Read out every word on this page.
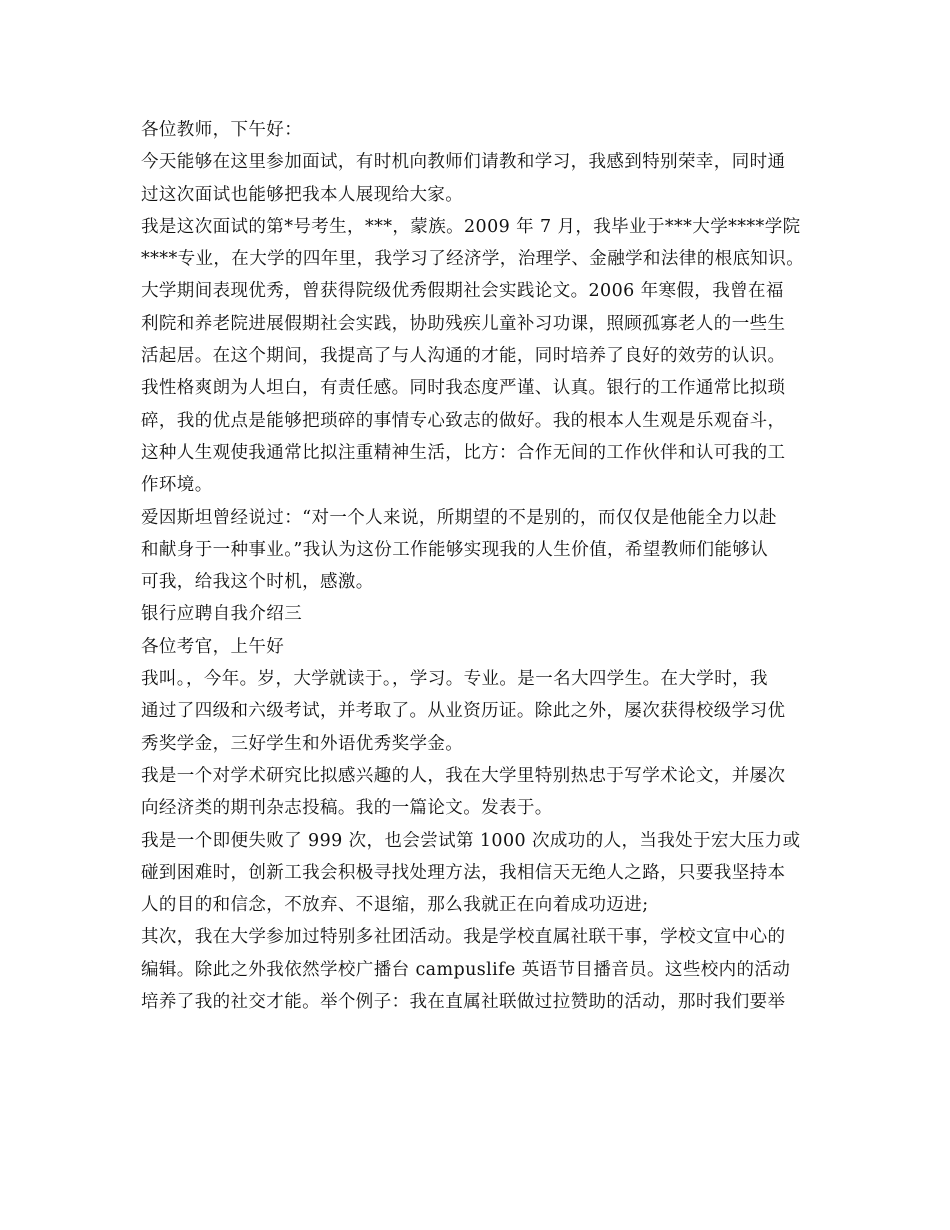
各位教师，下午好：
今天能够在这里参加面试，有时机向教师们请教和学习，我感到特别荣幸，同时通
过这次面试也能够把我本人展现给大家。
我是这次面试的第*号考生，***，蒙族。2009 年 7 月，我毕业于***大学****学院
****专业，在大学的四年里，我学习了经济学，治理学、金融学和法律的根底知识。
大学期间表现优秀，曾获得院级优秀假期社会实践论文。2006 年寒假，我曾在福
利院和养老院进展假期社会实践，协助残疾儿童补习功课，照顾孤寡老人的一些生
活起居。在这个期间，我提高了与人沟通的才能，同时培养了良好的效劳的认识。
我性格爽朗为人坦白，有责任感。同时我态度严谨、认真。银行的工作通常比拟琐
碎，我的优点是能够把琐碎的事情专心致志的做好。我的根本人生观是乐观奋斗，
这种人生观使我通常比拟注重精神生活，比方：合作无间的工作伙伴和认可我的工
作环境。
爱因斯坦曾经说过：“对一个人来说，所期望的不是别的，而仅仅是他能全力以赴
和献身于一种事业。”我认为这份工作能够实现我的人生价值，希望教师们能够认
可我，给我这个时机，感激。
银行应聘自我介绍三
各位考官，上午好
我叫。，今年。岁，大学就读于。，学习。专业。是一名大四学生。在大学时，我
通过了四级和六级考试，并考取了。从业资历证。除此之外，屡次获得校级学习优
秀奖学金，三好学生和外语优秀奖学金。
我是一个对学术研究比拟感兴趣的人，我在大学里特别热忠于写学术论文，并屡次
向经济类的期刊杂志投稿。我的一篇论文。发表于。
我是一个即便失败了 999 次，也会尝试第 1000 次成功的人，当我处于宏大压力或
碰到困难时，创新工我会积极寻找处理方法，我相信天无绝人之路，只要我坚持本
人的目的和信念，不放弃、不退缩，那么我就正在向着成功迈进;
其次，我在大学参加过特别多社团活动。我是学校直属社联干事，学校文宣中心的
编辑。除此之外我依然学校广播台 campuslife 英语节目播音员。这些校内的活动
培养了我的社交才能。举个例子：我在直属社联做过拉赞助的活动，那时我们要举
